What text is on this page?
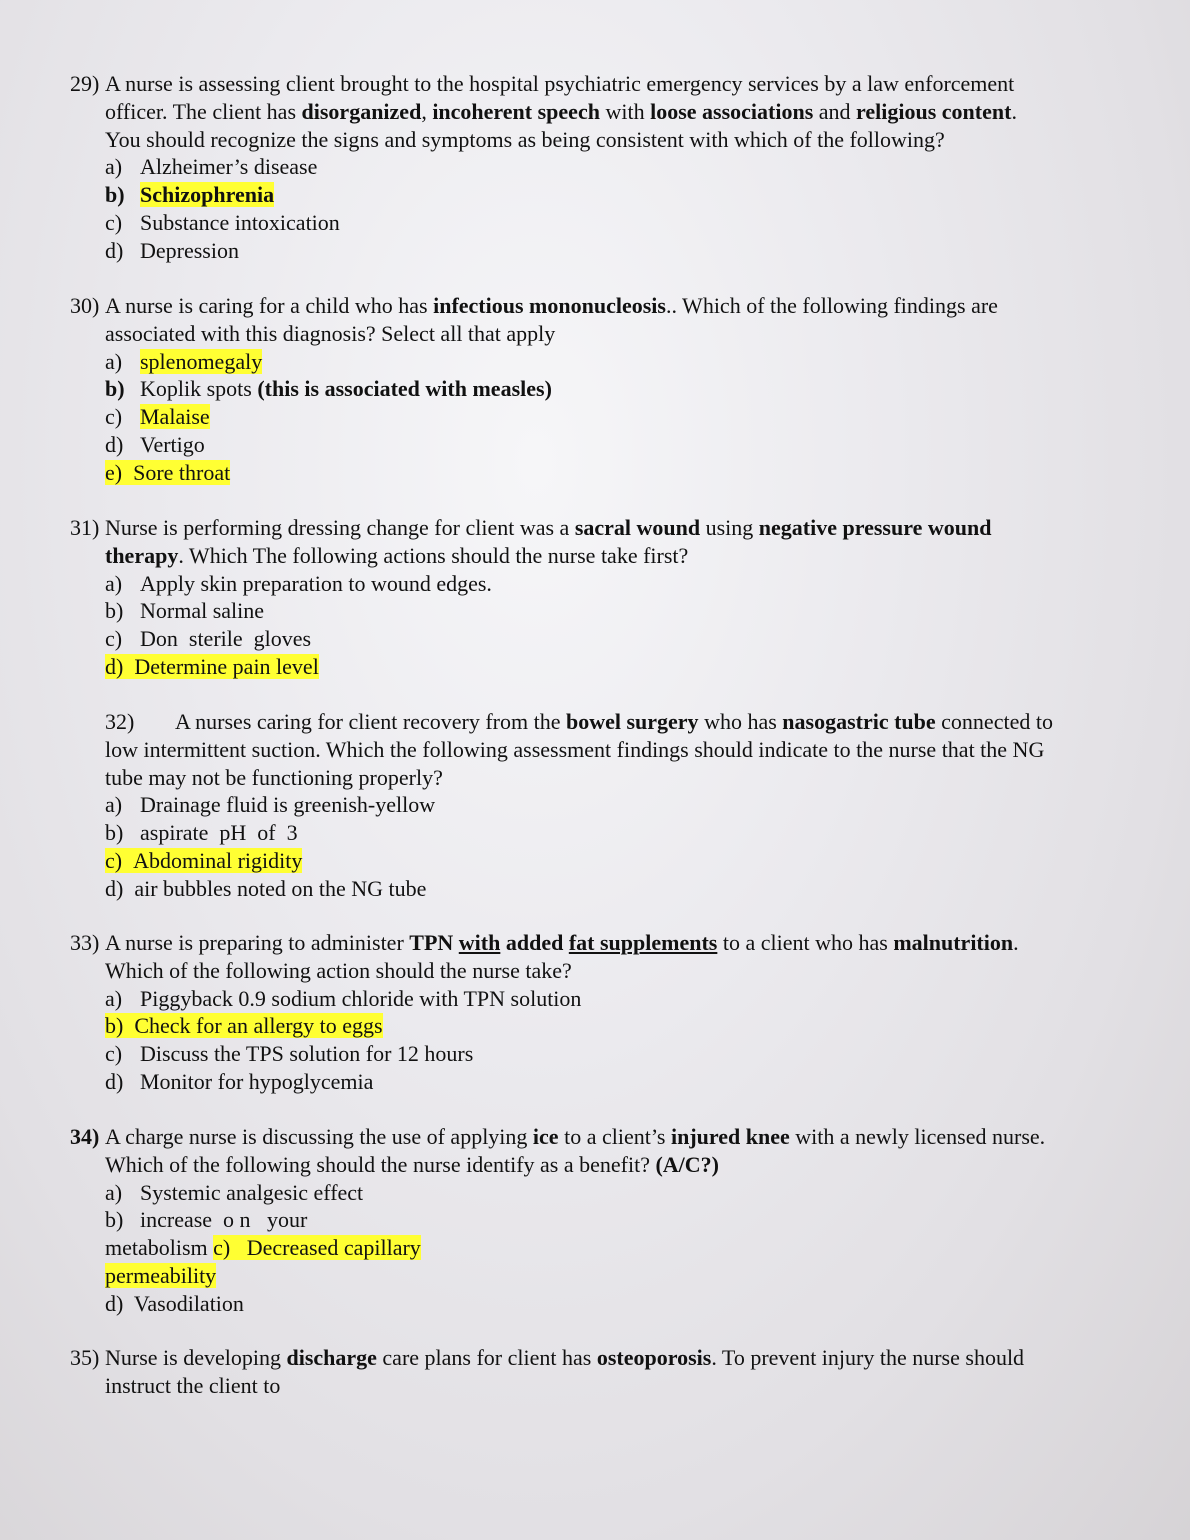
29) A nurse is assessing client brought to the hospital psychiatric emergency services by a law enforcement
officer. The client has disorganized, incoherent speech with loose associations and religious content.
You should recognize the signs and symptoms as being consistent with which of the following?
a) Alzheimer’s disease
b) Schizophrenia
c) Substance intoxication
d) Depression
30) A nurse is caring for a child who has infectious mononucleosis.. Which of the following findings are
associated with this diagnosis? Select all that apply
a) splenomegaly
b) Koplik spots (this is associated with measles)
c) Malaise
d) Vertigo
e) Sore throat
31) Nurse is performing dressing change for client was a sacral wound using negative pressure wound
therapy. Which The following actions should the nurse take first?
a) Apply skin preparation to wound edges.
b) Normal saline
c) Don  sterile  gloves
d) Determine pain level
32) A nurses caring for client recovery from the bowel surgery who has nasogastric tube connected to
low intermittent suction. Which the following assessment findings should indicate to the nurse that the NG
tube may not be functioning properly?
a) Drainage fluid is greenish-yellow
b) aspirate  pH  of  3
c) Abdominal rigidity
d) air bubbles noted on the NG tube
33) A nurse is preparing to administer TPN with added fat supplements to a client who has malnutrition.
Which of the following action should the nurse take?
a) Piggyback 0.9 sodium chloride with TPN solution
b) Check for an allergy to eggs
c) Discuss the TPS solution for 12 hours
d) Monitor for hypoglycemia
34) A charge nurse is discussing the use of applying ice to a client’s injured knee with a newly licensed nurse.
Which of the following should the nurse identify as a benefit? (A/C?)
a) Systemic analgesic effect
b) increase  o n   your
metabolism c)   Decreased capillary
permeability
d)  Vasodilation
35) Nurse is developing discharge care plans for client has osteoporosis. To prevent injury the nurse should
instruct the client to
